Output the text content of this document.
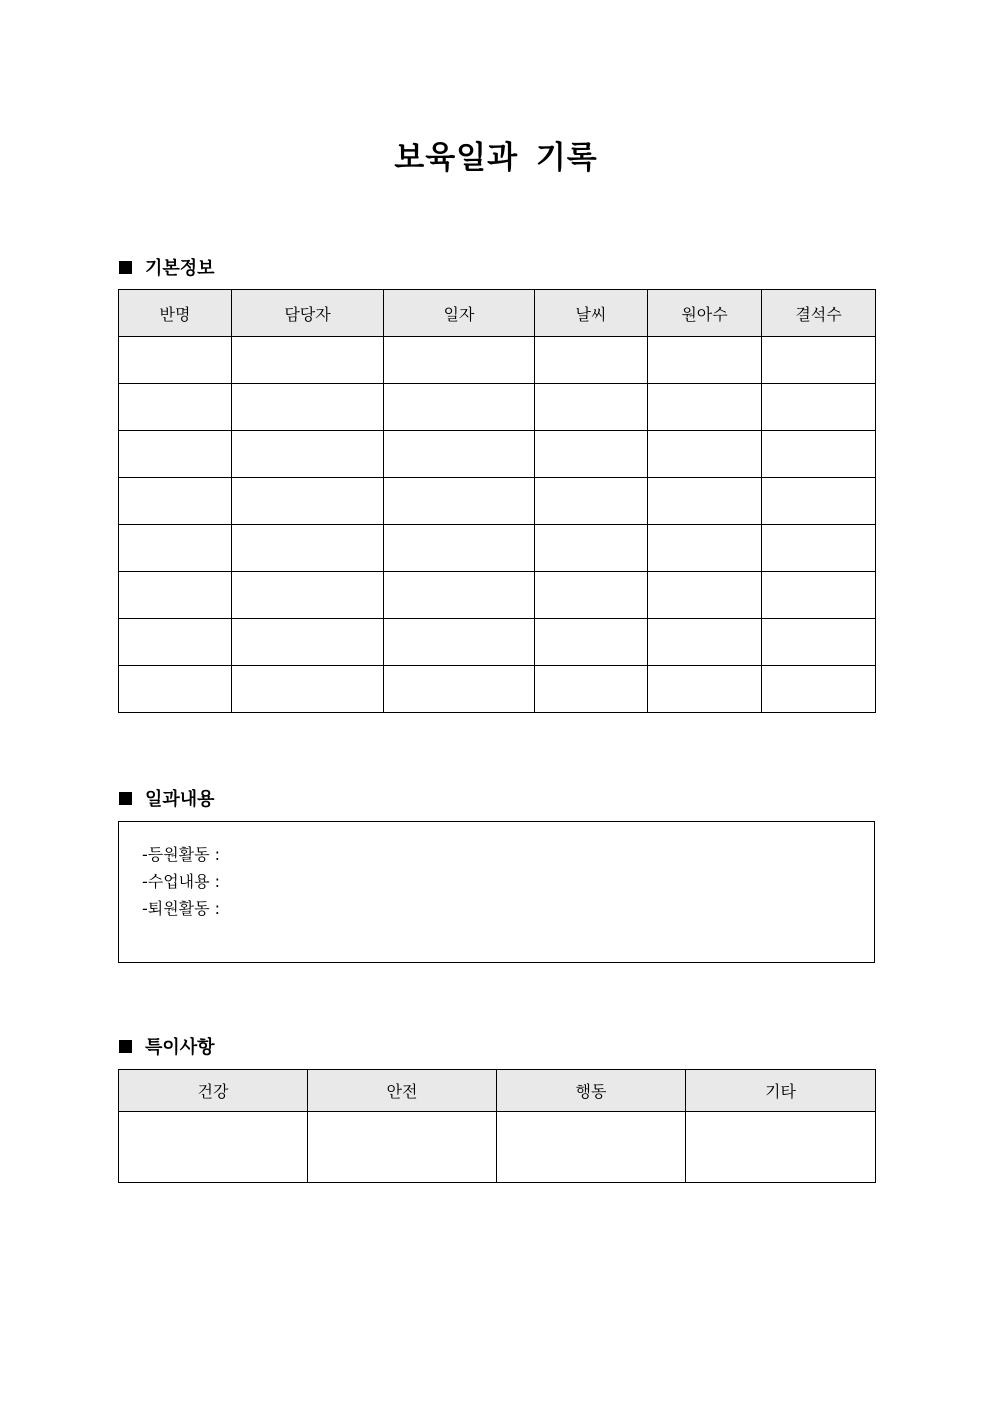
보육일과 기록
기본정보
반명	담당자	일자	날씨	원아수	결석수

일과내용
-등원활동 :
-수업내용 :
-퇴원활동 :
특이사항
건강	안전	행동	기타
